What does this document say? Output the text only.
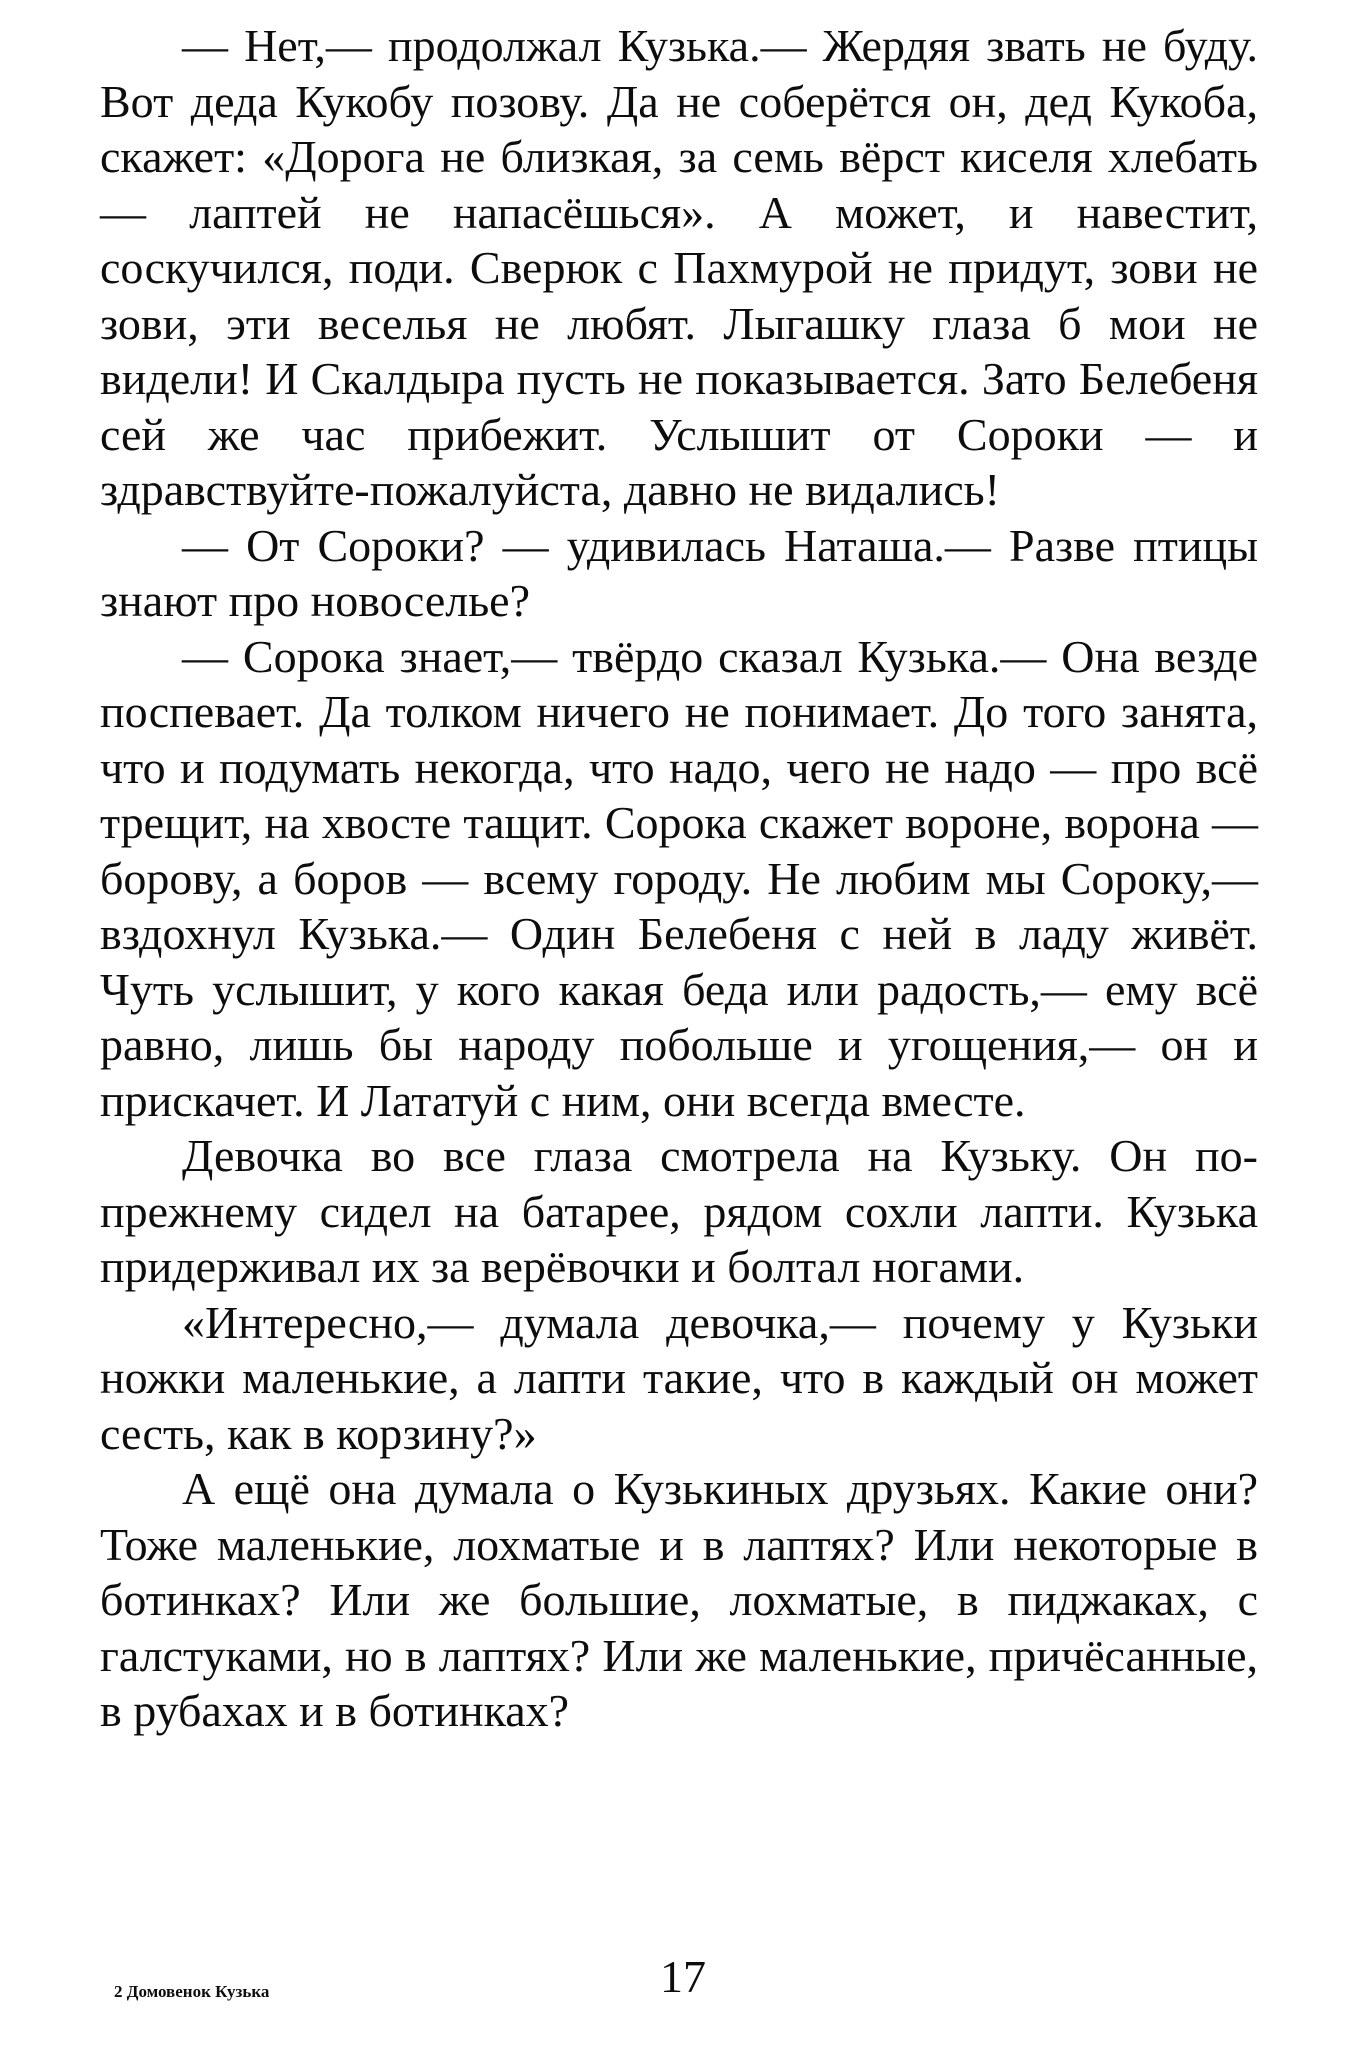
— Нет,— продолжал Кузька.— Жердяя звать не буду. Вот деда Кукобу позову. Да не соберётся он, дед Кукоба, скажет: «Дорога не близкая, за семь вёрст киселя хлебать — лаптей не напасёшься». А может, и навестит, соскучился, поди. Сверюк с Пахмурой не придут, зови не зови, эти веселья не любят. Лыгашку глаза б мои не видели! И Скалдыра пусть не показывается. Зато Белебеня сей же час прибежит. Услышит от Сороки — и здравствуйте-пожалуйста, давно не видались!

— От Сороки? — удивилась Наташа.— Разве птицы знают про новоселье?

— Сорока знает,— твёрдо сказал Кузька.— Она везде поспевает. Да толком ничего не понимает. До того занята, что и подумать некогда, что надо, чего не надо — про всё трещит, на хвосте тащит. Сорока скажет вороне, ворона — борову, а боров — всему городу. Не любим мы Сороку,— вздохнул Кузька.— Один Белебеня с ней в ладу живёт. Чуть услышит, у кого какая беда или радость,— ему всё равно, лишь бы народу побольше и угощения,— он и прискачет. И Лататуй с ним, они всегда вместе.

Девочка во все глаза смотрела на Кузьку. Он по-прежнему сидел на батарее, рядом сохли лапти. Кузька придерживал их за верёвочки и болтал ногами.

«Интересно,— думала девочка,— почему у Кузьки ножки маленькие, а лапти такие, что в каждый он может сесть, как в корзину?»

А ещё она думала о Кузькиных друзьях. Какие они? Тоже маленькие, лохматые и в лаптях? Или некоторые в ботинках? Или же большие, лохматые, в пиджаках, с галстуками, но в лаптях? Или же маленькие, причёсанные, в рубахах и в ботинках?

2 Домовенок Кузька	17
